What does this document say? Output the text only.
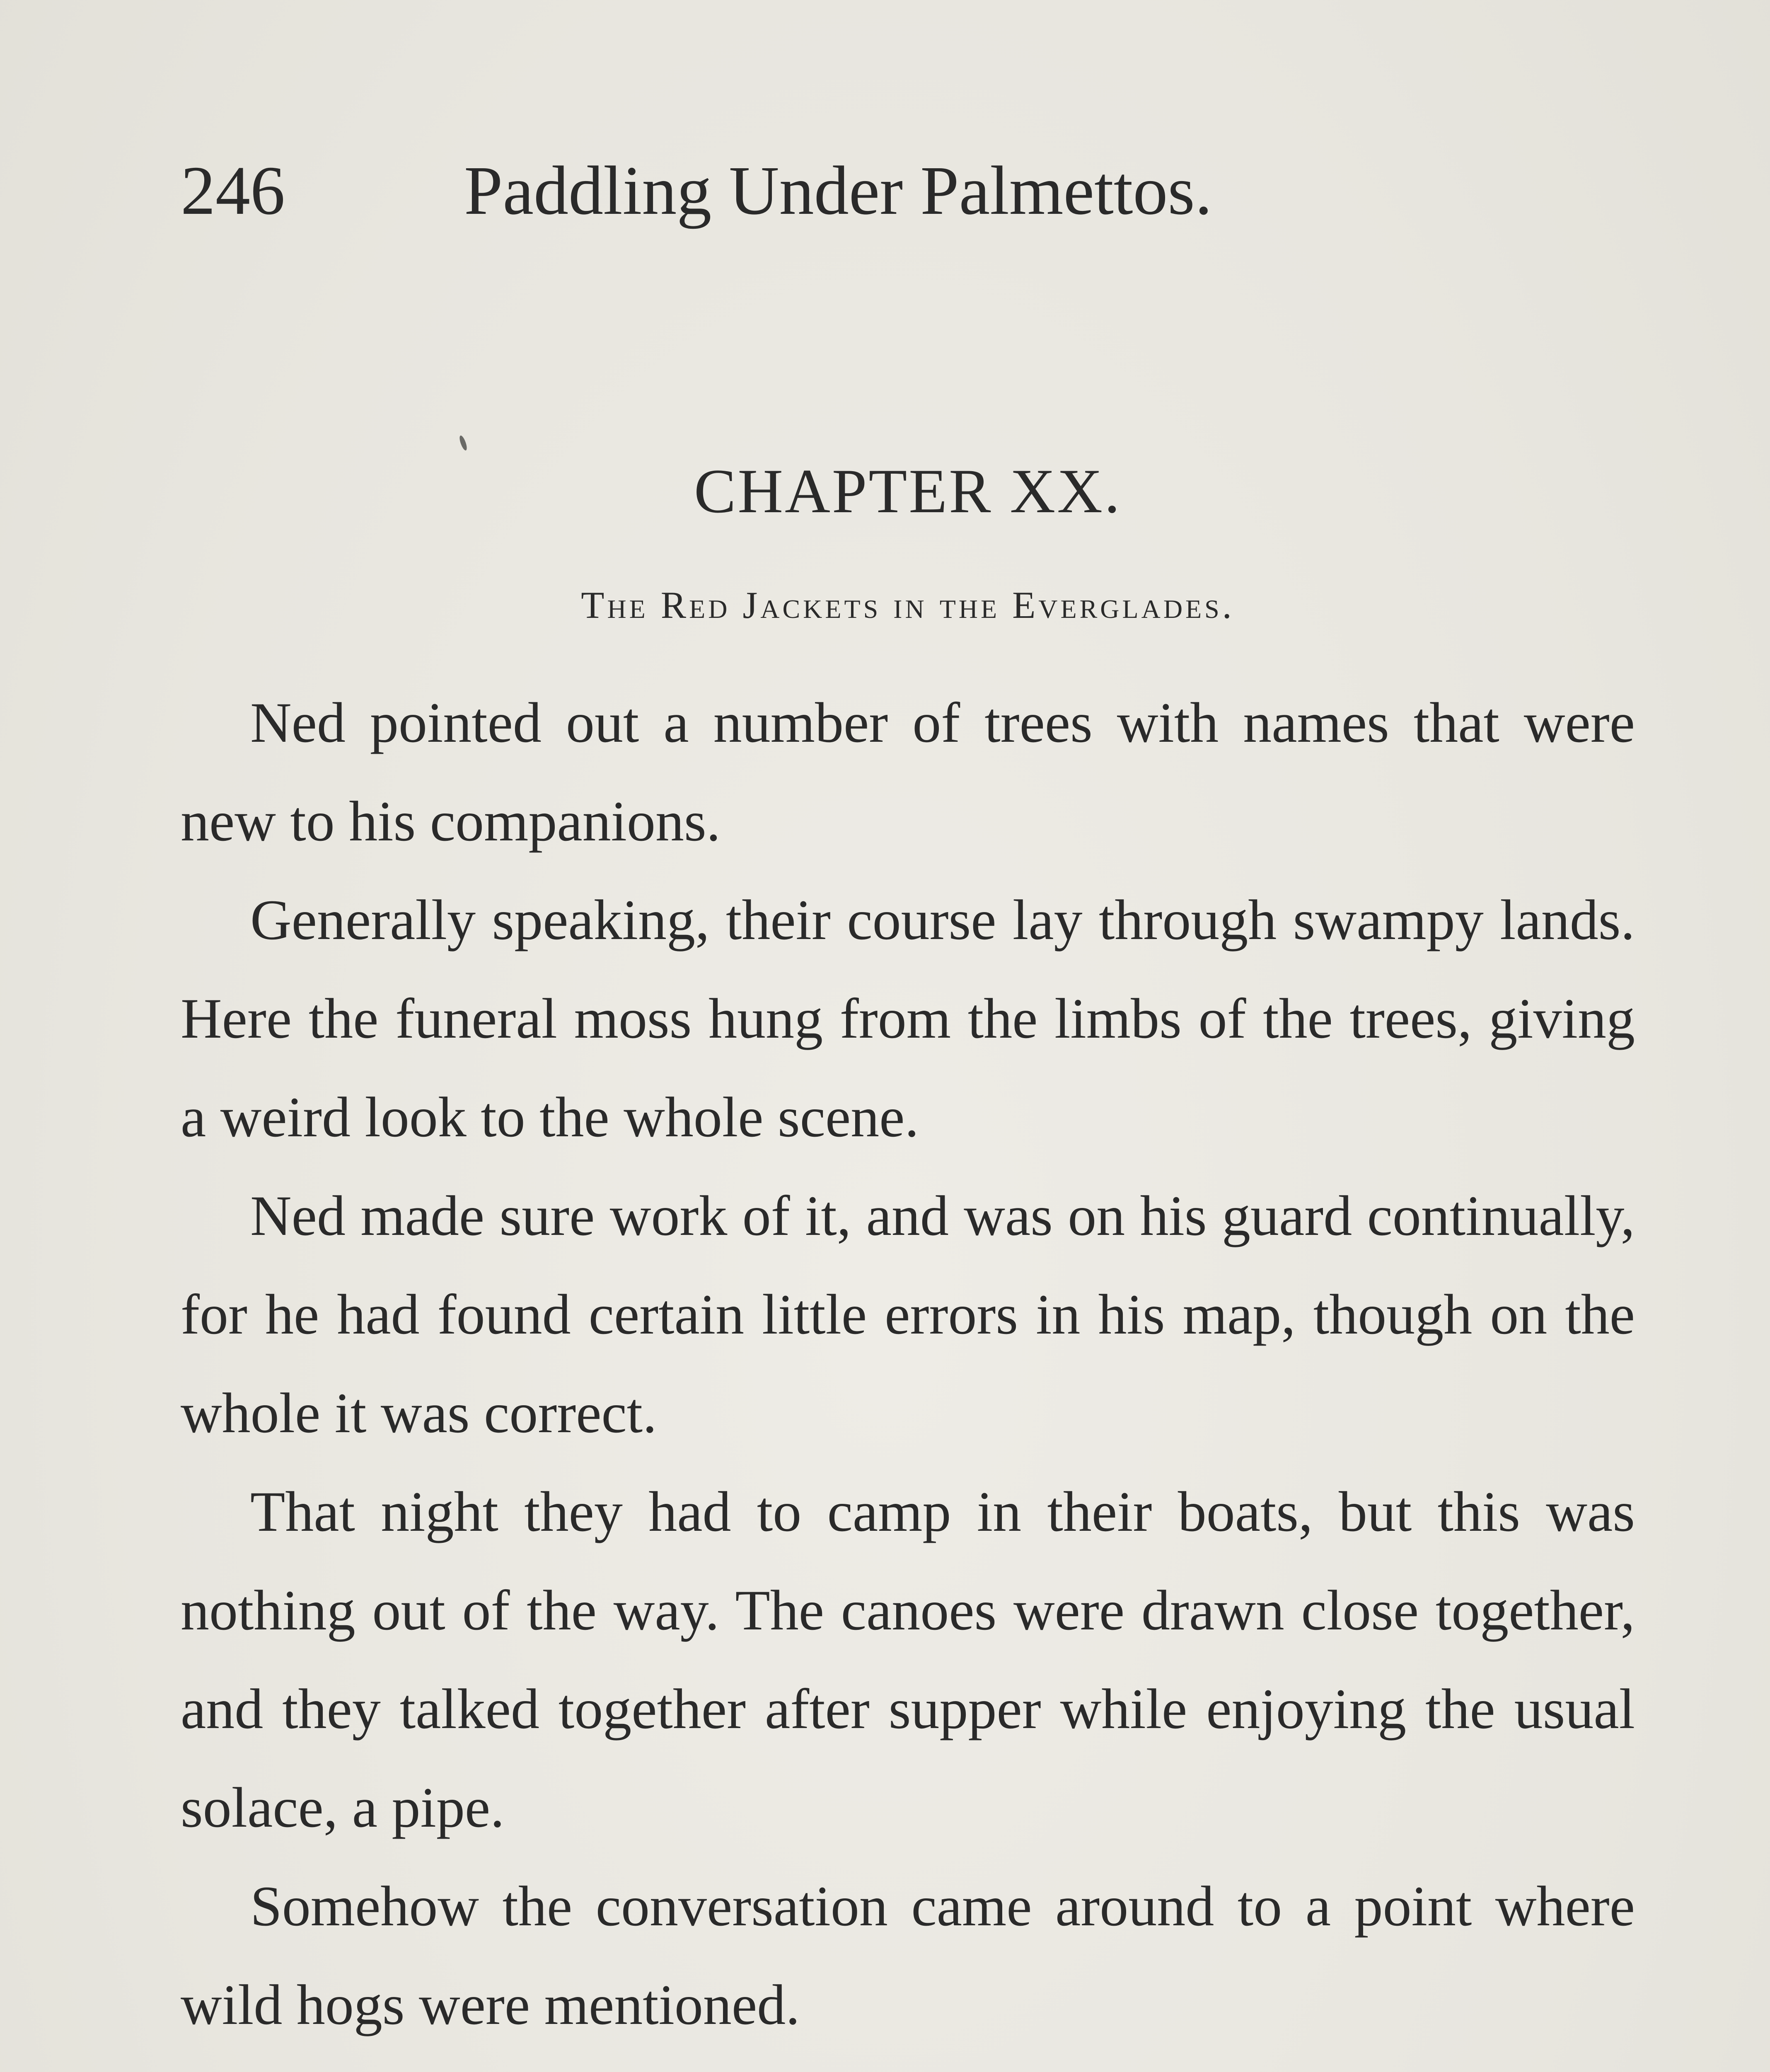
246	Paddling Under Palmettos.
CHAPTER XX.
The Red Jackets in the Everglades.

Ned pointed out a number of trees with names that were new to his companions.

Generally speaking, their course lay through swampy lands. Here the funeral moss hung from the limbs of the trees, giving a weird look to the whole scene.

Ned made sure work of it, and was on his guard continually, for he had found certain little errors in his map, though on the whole it was correct.

That night they had to camp in their boats, but this was nothing out of the way. The canoes were drawn close together, and they talked together after supper while enjoying the usual solace, a pipe.

Somehow the conversation came around to a point where wild hogs were mentioned.
